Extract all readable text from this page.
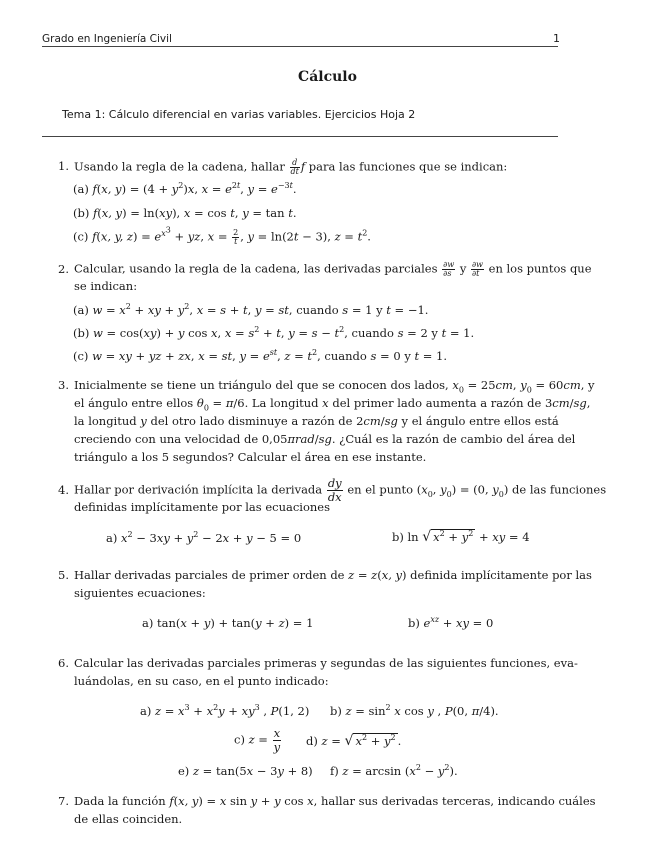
Grado en Ingeniería Civil	1
Cálculo
Tema 1: Cálculo diferencial en varias variables. Ejercicios Hoja 2
1. Usando la regla de la cadena, hallar $\frac{d}{dt}$ f para las funciones que se indican:
(a) f(x, $y) = (4 + y^2)x$, $x = e^{2t}$, $y = e^{-3t}$.
(b) f(x, y) = ln(xy), x = cos t, y = tan t.
(c) f(x, y, $z) = e^{x^3}$ + yz, $x = \frac{2}{t}$ , y = ln(2t − 3), $z = t^2$.
2. Calcular, usando la regla de la cadena, las derivadas parciales $\frac{\partial w}{\partial s}$ y $\frac{\partial w}{\partial t}$ en los puntos que
se indican:
(a) $w = x^2$ + xy + $y^2$, x = s + t, y = st, cuando s = 1 y t = −1.
(b) w = cos(xy) + y cos x, $x = s^2 + t$, $y = s - t^2$, cuando s = 2 y t = 1.
(c) w = xy + yz + zx, x = st, $y = e^{st}$, $z = t^2$, cuando s = 0 y t = 1.
3. Inicialmente se tiene un triángulo del que se conocen dos lados, $x_0 = 25cm$, $y_0 = 60cm$, y
el ángulo entre ellos $\theta_0 = \pi/6$. La longitud x del primer lado aumenta a razón de 3cm/sg,
la longitud y del otro lado disminuye a razón de 2cm/sg y el ángulo entre ellos está
creciendo con una velocidad de 0,05πrad/sg. ¿Cuál es la razón de cambio del área del
triángulo a los 5 segundos? Calcular el área en ese instante.
4. Hallar por derivación implícita la derivada $\frac{dy}{dx}$ en el punto ($x_0$, $y_0) = (0$, $y_0$) de las funciones
definidas implícitamente por las ecuaciones
a) $x^2 - 3xy + y^2 - 2x + y - 5 = 0$	b) ln √ $x^2 + y^2$ + xy = 4
5. Hallar derivadas parciales de primer orden de z = z(x, y) definida implícitamente por las
siguientes ecuaciones:
a) tan(x + y) + tan(y + z) = 1	b) $e^{xz}$ + xy = 0
6. Calcular las derivadas parciales primeras y segundas de las siguientes funciones, eva-
luándolas, en su caso, en el punto indicado:
a) $z = x^3 + x^2y + xy^3$ , P(1, 2) b) $z = \sin^2 x$ cos y , P(0, π/4).
c) $z = \frac{x}{y} d$) z = √ $x^2 + y^2$ .
e) z = tan(5x − 3y + 8) f) $z = \arcsin (x^2 - y^2)$.
7. Dada la función f(x, y) = x sin y + y cos x, hallar sus derivadas terceras, indicando cuáles
de ellas coinciden.
